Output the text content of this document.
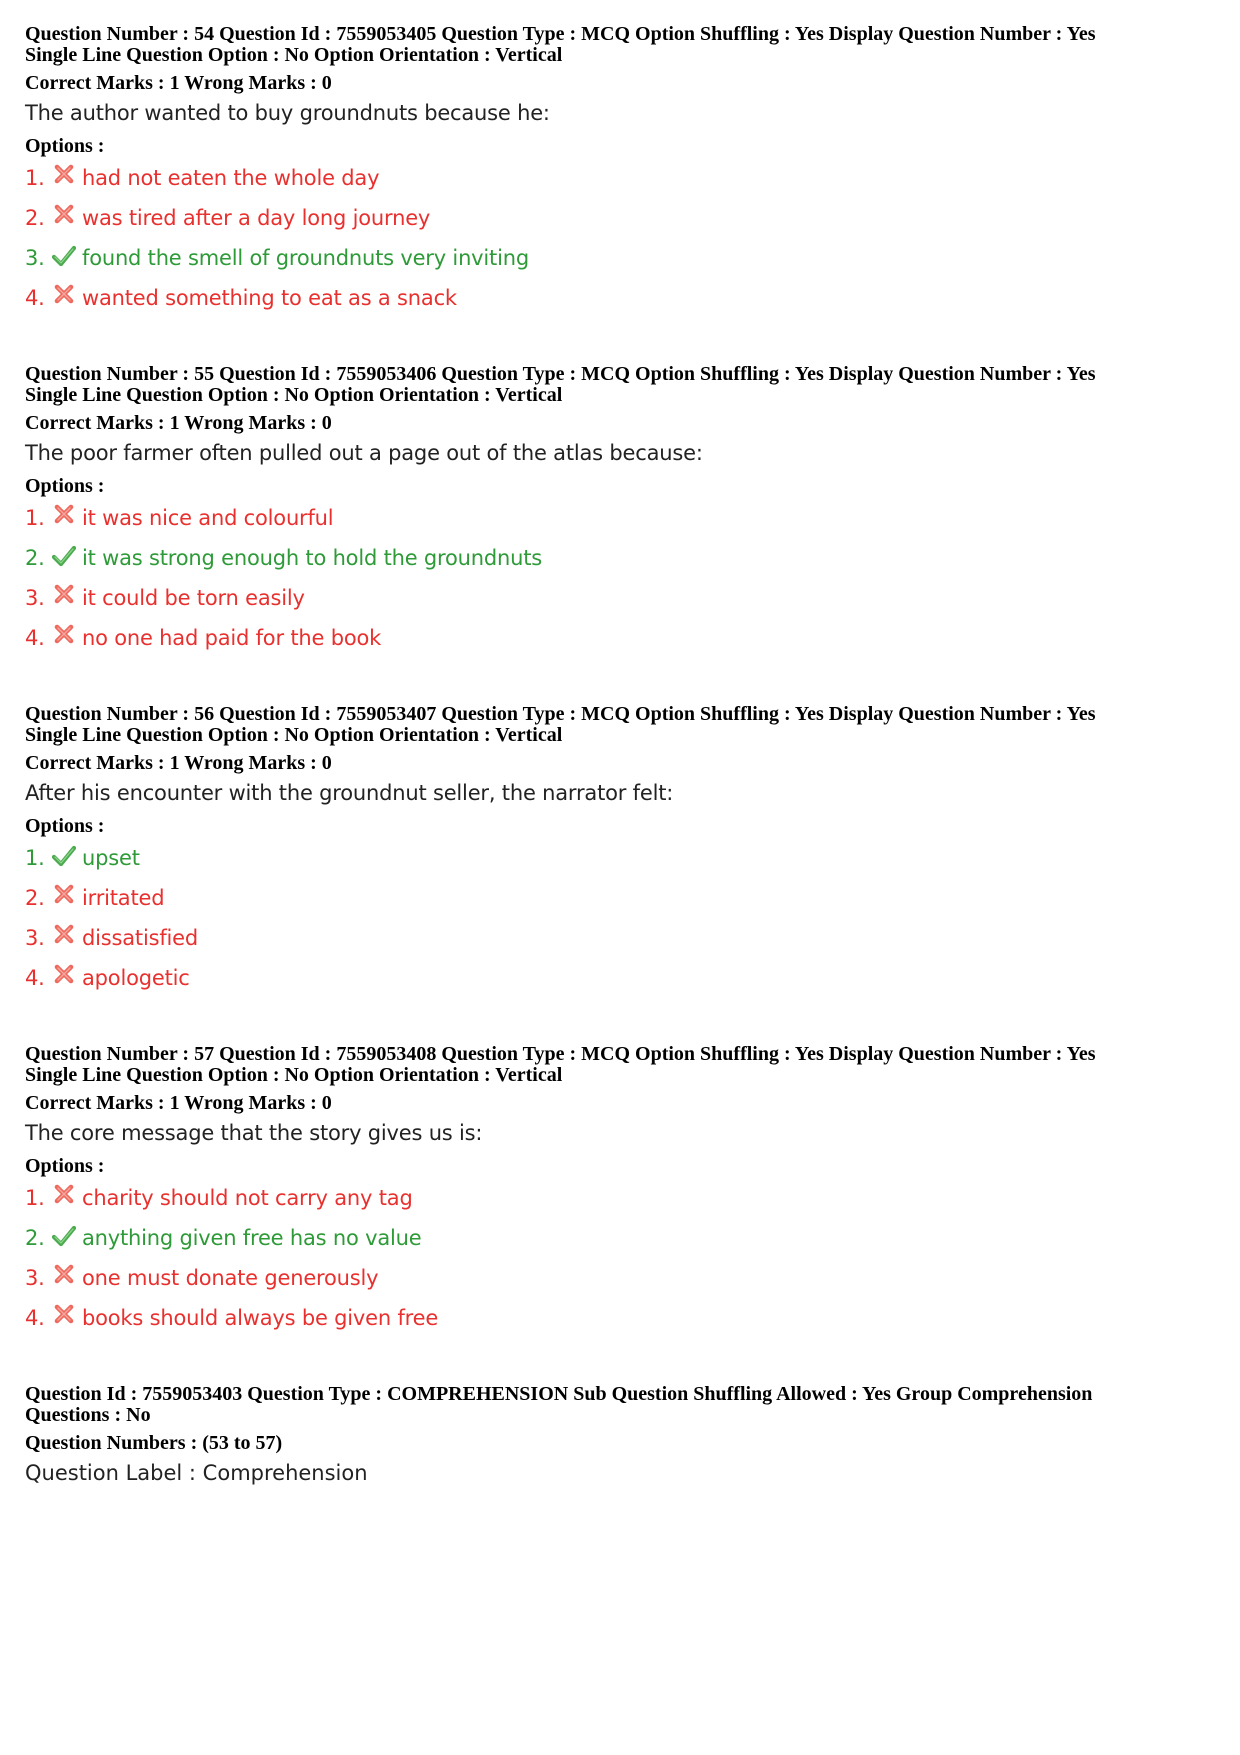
Question Number : 54 Question Id : 7559053405 Question Type : MCQ Option Shuffling : Yes Display Question Number : Yes
Single Line Question Option : No Option Orientation : Vertical
Correct Marks : 1 Wrong Marks : 0
The author wanted to buy groundnuts because he:
Options :
1. had not eaten the whole day
2. was tired after a day long journey
3. found the smell of groundnuts very inviting
4. wanted something to eat as a snack
Question Number : 55 Question Id : 7559053406 Question Type : MCQ Option Shuffling : Yes Display Question Number : Yes
Single Line Question Option : No Option Orientation : Vertical
Correct Marks : 1 Wrong Marks : 0
The poor farmer often pulled out a page out of the atlas because:
Options :
1. it was nice and colourful
2. it was strong enough to hold the groundnuts
3. it could be torn easily
4. no one had paid for the book
Question Number : 56 Question Id : 7559053407 Question Type : MCQ Option Shuffling : Yes Display Question Number : Yes
Single Line Question Option : No Option Orientation : Vertical
Correct Marks : 1 Wrong Marks : 0
After his encounter with the groundnut seller, the narrator felt:
Options :
1. upset
2. irritated
3. dissatisfied
4. apologetic
Question Number : 57 Question Id : 7559053408 Question Type : MCQ Option Shuffling : Yes Display Question Number : Yes
Single Line Question Option : No Option Orientation : Vertical
Correct Marks : 1 Wrong Marks : 0
The core message that the story gives us is:
Options :
1. charity should not carry any tag
2. anything given free has no value
3. one must donate generously
4. books should always be given free
Question Id : 7559053403 Question Type : COMPREHENSION Sub Question Shuffling Allowed : Yes Group Comprehension
Questions : No
Question Numbers : (53 to 57)
Question Label : Comprehension
